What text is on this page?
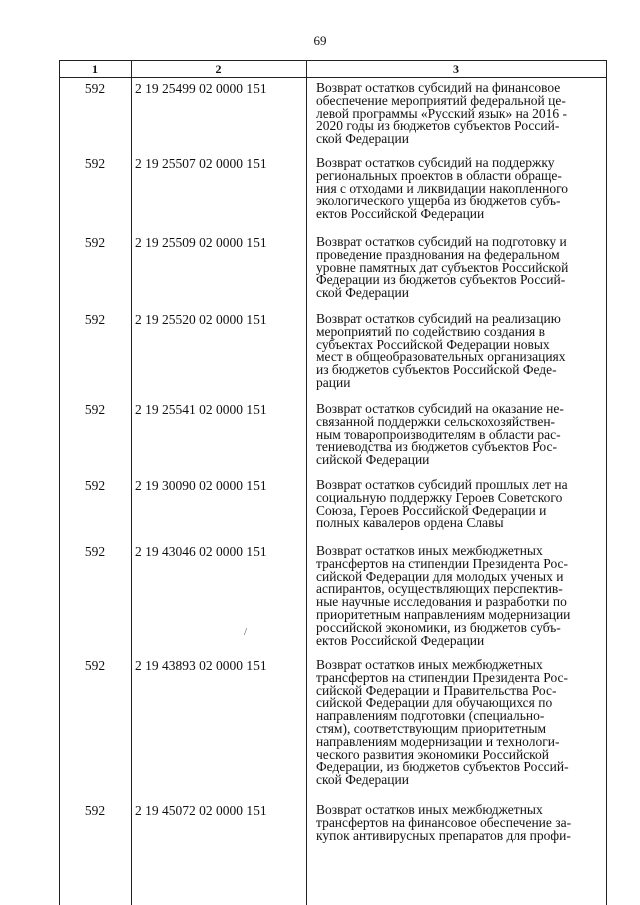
69
1	2	3
592	2 19 25499 02 0000 151	Возврат остатков субсидий на финансовое
обеспечение мероприятий федеральной це-
левой программы «Русский язык» на 2016 -
2020 годы из бюджетов субъектов Россий-
ской Федерации
592	2 19 25507 02 0000 151	Возврат остатков субсидий на поддержку
региональных проектов в области обраще-
ния с отходами и ликвидации накопленного
экологического ущерба из бюджетов субъ-
ектов Российской Федерации
592	2 19 25509 02 0000 151	Возврат остатков субсидий на подготовку и
проведение празднования на федеральном
уровне памятных дат субъектов Российской
Федерации из бюджетов субъектов Россий-
ской Федерации
592	2 19 25520 02 0000 151	Возврат остатков субсидий на реализацию
мероприятий по содействию создания в
субъектах Российской Федерации новых
мест в общеобразовательных организациях
из бюджетов субъектов Российской Феде-
рации
592	2 19 25541 02 0000 151	Возврат остатков субсидий на оказание не-
связанной поддержки сельскохозяйствен-
ным товаропроизводителям в области рас-
тениеводства из бюджетов субъектов Рос-
сийской Федерации
592	2 19 30090 02 0000 151	Возврат остатков субсидий прошлых лет на
социальную поддержку Героев Советского
Союза, Героев Российской Федерации и
полных кавалеров ордена Славы
592	2 19 43046 02 0000 151	Возврат остатков иных межбюджетных
трансфертов на стипендии Президента Рос-
сийской Федерации для молодых ученых и
аспирантов, осуществляющих перспектив-
ные научные исследования и разработки по
приоритетным направлениям модернизации
российской экономики, из бюджетов субъ-
ектов Российской Федерации
592	2 19 43893 02 0000 151	Возврат остатков иных межбюджетных
трансфертов на стипендии Президента Рос-
сийской Федерации и Правительства Рос-
сийской Федерации для обучающихся по
направлениям подготовки (специально-
стям), соответствующим приоритетным
направлениям модернизации и технологи-
ческого развития экономики Российской
Федерации, из бюджетов субъектов Россий-
ской Федерации
592	2 19 45072 02 0000 151	Возврат остатков иных межбюджетных
трансфертов на финансовое обеспечение за-
купок антивирусных препаратов для профи-
/
